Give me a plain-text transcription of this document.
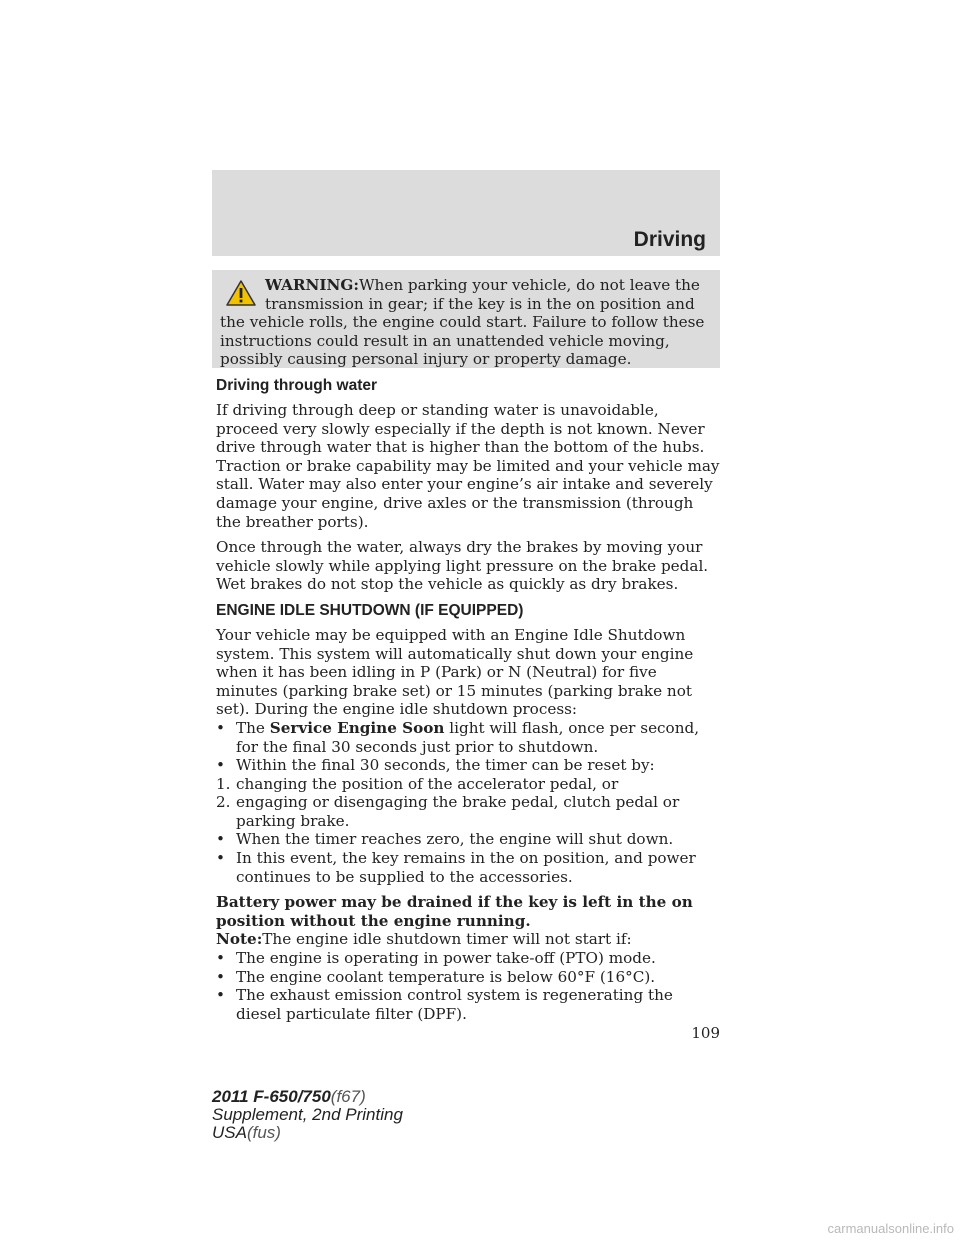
Driving
WARNING:When parking your vehicle, do not leave the
transmission in gear; if the key is in the on position and the vehicle rolls, the engine could start. Failure to follow these instructions could result in an unattended vehicle moving, possibly causing personal injury or property damage.
Driving through water

If driving through deep or standing water is unavoidable, proceed very slowly especially if the depth is not known. Never drive through water that is higher than the bottom of the hubs. Traction or brake capability may be limited and your vehicle may stall. Water may also enter your engine’s air intake and severely damage your engine, drive axles or the transmission (through the breather ports).

Once through the water, always dry the brakes by moving your vehicle slowly while applying light pressure on the brake pedal. Wet brakes do not stop the vehicle as quickly as dry brakes.

ENGINE IDLE SHUTDOWN (IF EQUIPPED)
Your vehicle may be equipped with an Engine Idle Shutdown system. This system will automatically shut down your engine when it has been idling in P (Park) or N (Neutral) for five minutes (parking brake set) or 15 minutes (parking brake not set). During the engine idle shutdown process:
• The Service Engine Soon light will flash, once per second, for the final 30 seconds just prior to shutdown.
• Within the final 30 seconds, the timer can be reset by:
1. changing the position of the accelerator pedal, or
2. engaging or disengaging the brake pedal, clutch pedal or parking brake.
• When the timer reaches zero, the engine will shut down.
• In this event, the key remains in the on position, and power continues to be supplied to the accessories.
Battery power may be drained if the key is left in the on position without the engine running.
Note:The engine idle shutdown timer will not start if:
• The engine is operating in power take-off (PTO) mode.
• The engine coolant temperature is below 60°F (16°C).
• The exhaust emission control system is regenerating the diesel particulate filter (DPF).
109
2011 F-650/750(f67)
Supplement, 2nd Printing
USA(fus)
carmanualsonline.info
